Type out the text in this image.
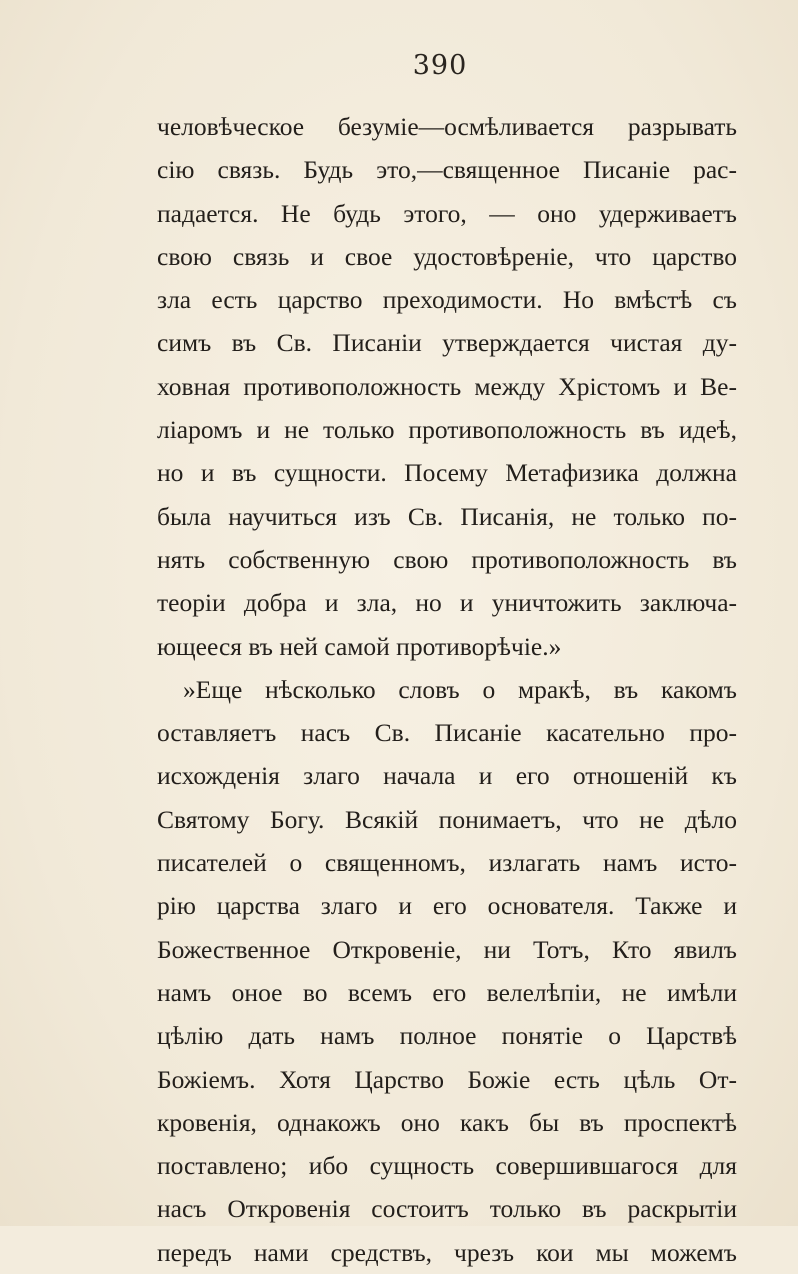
390
человѣческое безуміе—осмѣливается разрывать
сію связь. Будь это,—священное Писаніе рас-
падается. Не будь этого, — оно удерживаетъ
свою связь и свое удостовѣреніе, что царство
зла есть царство преходимости. Но вмѣстѣ съ
симъ въ Св. Писаніи утверждается чистая ду-
ховная противоположность между Хрістомъ и Ве-
ліаромъ и не только противоположность въ идеѣ,
но и въ сущности. Посему Метафизика должна
была научиться изъ Св. Писанія, не только по-
нять собственную свою противоположность въ
теоріи добра и зла, но и уничтожить заключа-
ющееся въ ней самой противорѣчіе.»
»Еще нѣсколько словъ о мракѣ, въ какомъ
оставляетъ насъ Св. Писаніе касательно про-
исхожденія злаго начала и его отношеній къ
Святому Богу. Всякій понимаетъ, что не дѣло
писателей о священномъ, излагать намъ исто-
рію царства злаго и его основателя. Также и
Божественное Откровеніе, ни Тотъ, Кто явилъ
намъ оное во всемъ его велелѣпіи, не имѣли
цѣлію дать намъ полное понятіе о Царствѣ
Божіемъ. Хотя Царство Божіе есть цѣль От-
кровенія, однакожъ оно какъ бы въ проспектѣ
поставлено; ибо сущность совершившагося для
насъ Откровенія состоитъ только въ раскрытіи
передъ нами средствъ, чрезъ кои мы можемъ
